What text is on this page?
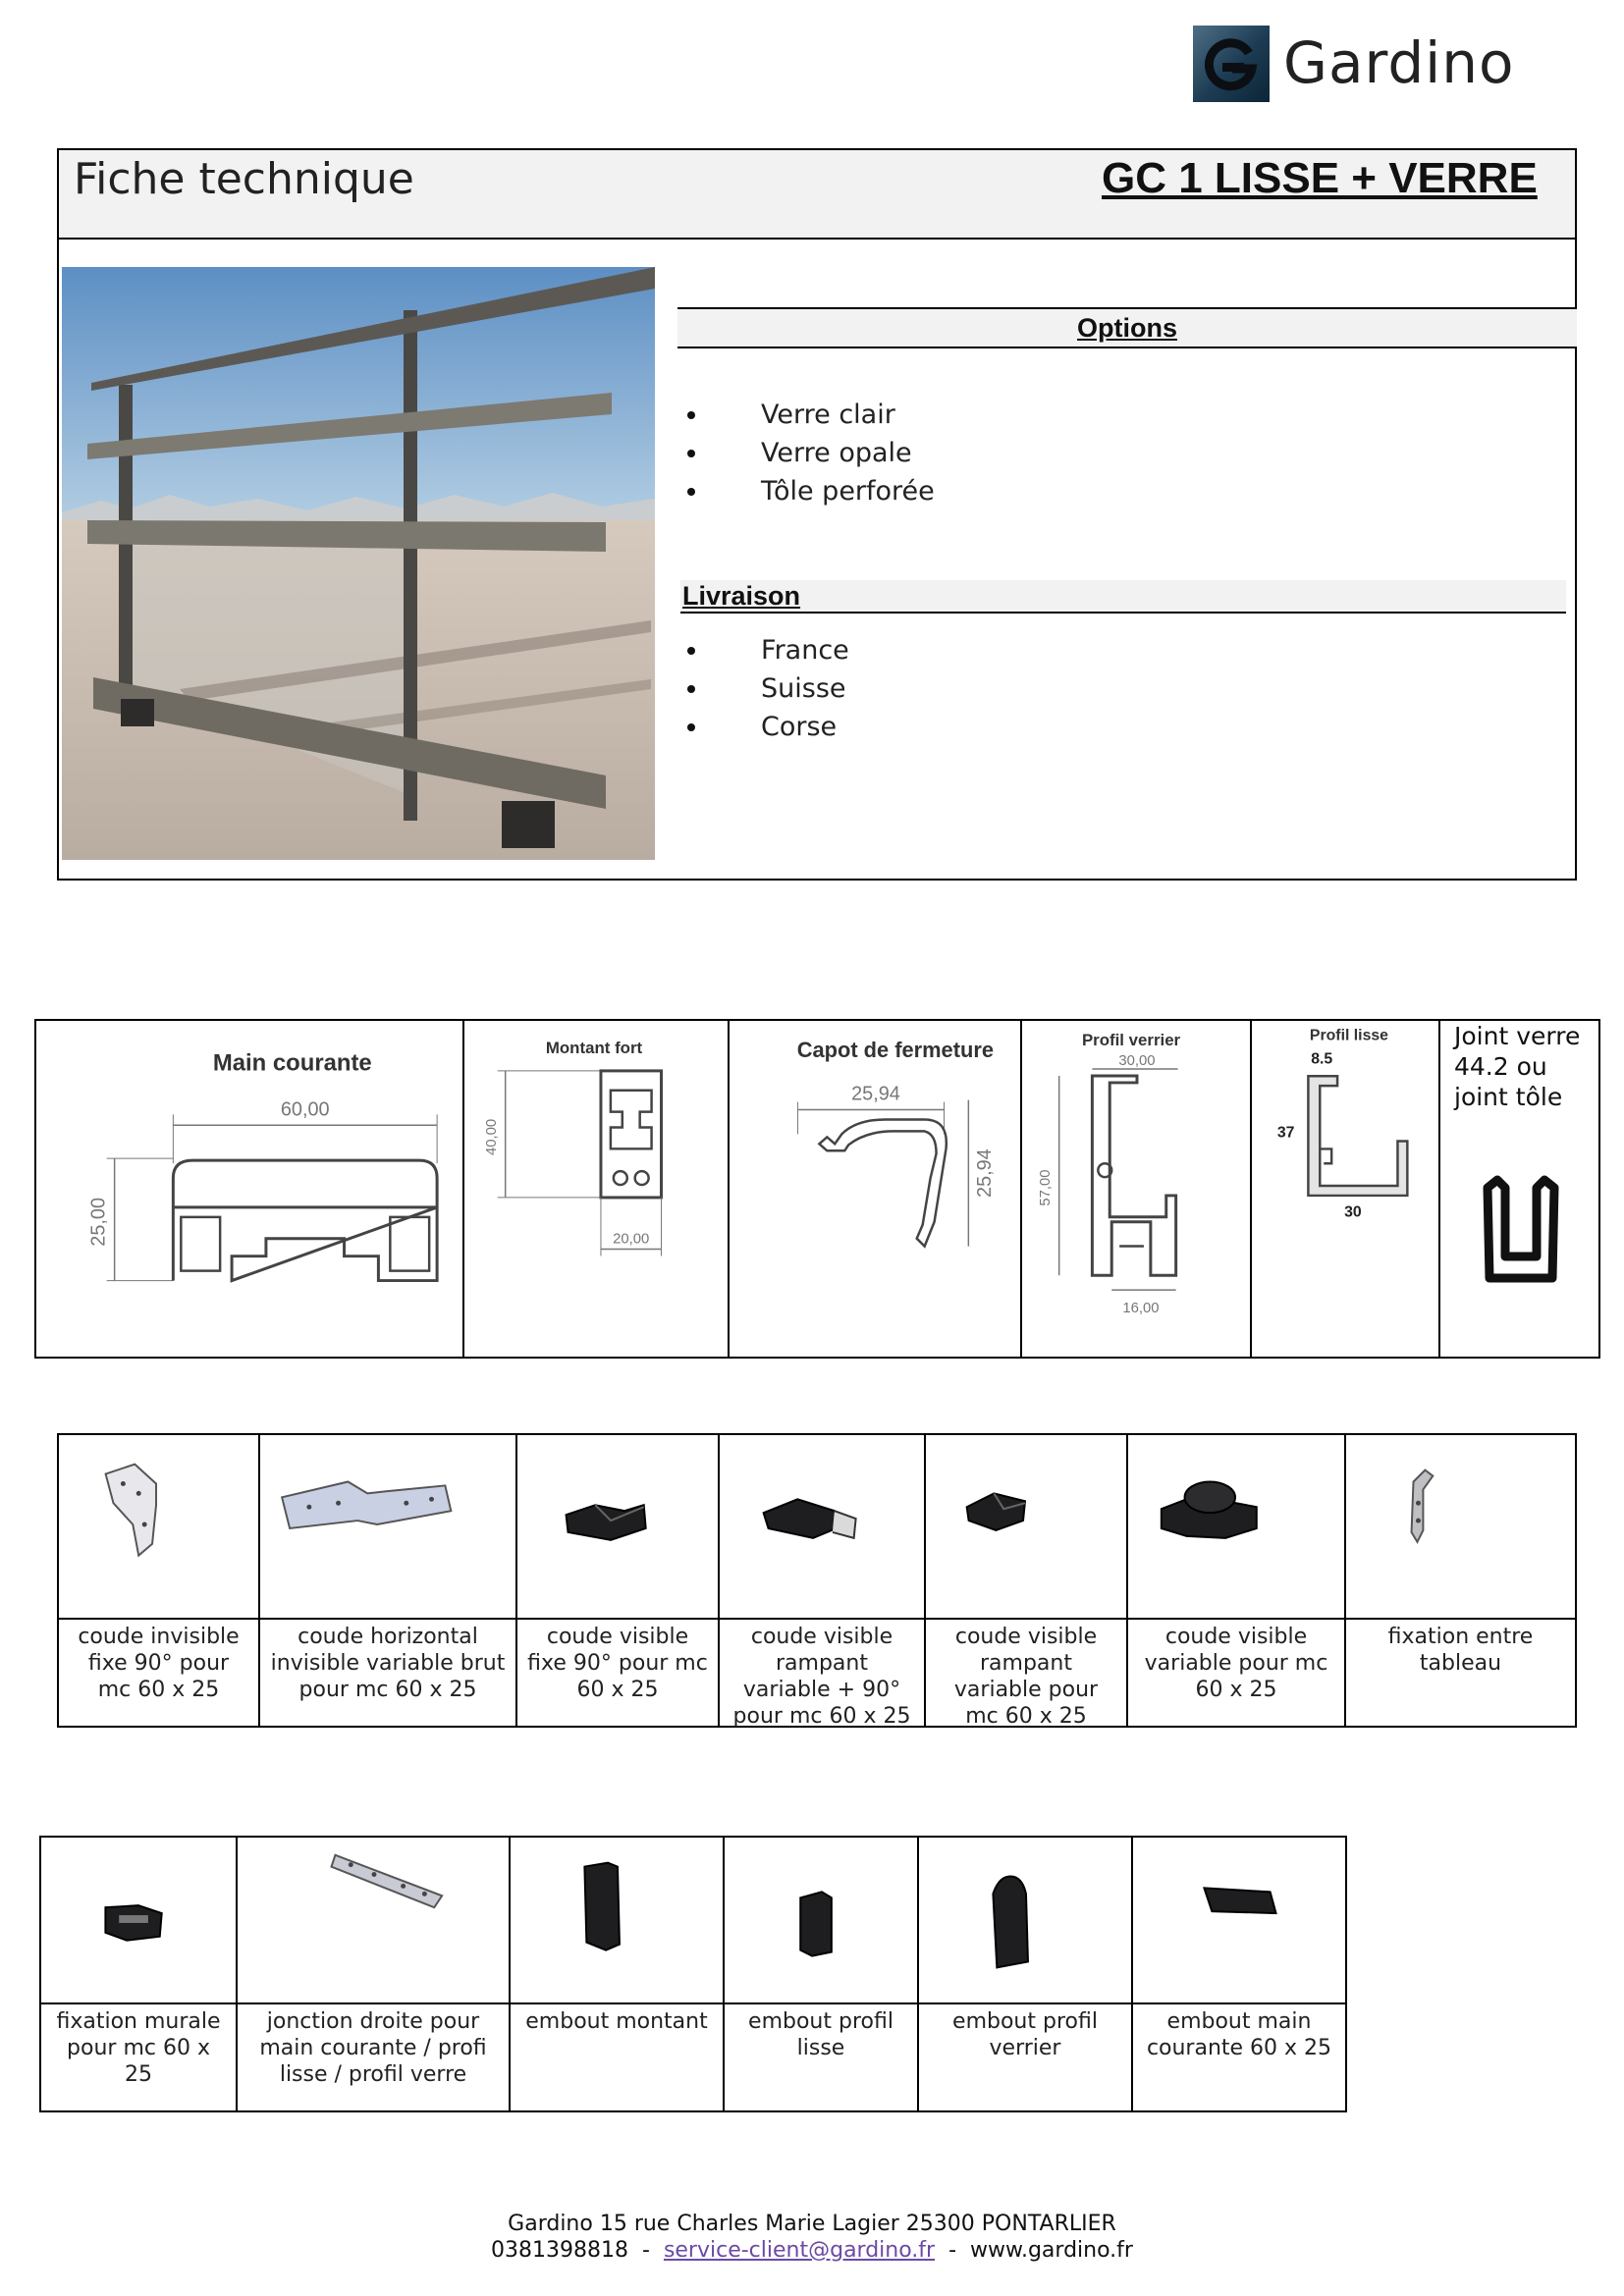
Gardino
Fiche technique	GC 1 LISSE + VERRE
Options
Verre clair
Verre opale
Tôle perforée
Livraison
France
Suisse
Corse
Main courante
60,00
25,00
Montant fort
40,00
20,00
Capot de fermeture
25,94
25,94
Profil verrier
30,00
57,00
16,00
Profil lisse
8.5
37
30
Joint verre
44.2 ou
joint tôle
coude invisible
fixe 90° pour
mc 60 x 25
coude horizontal
invisible variable brut
pour mc 60 x 25
coude visible
fixe 90° pour mc
60 x 25
coude visible
rampant
variable + 90°
pour mc 60 x 25
coude visible
rampant
variable pour
mc 60 x 25
coude visible
variable pour mc
60 x 25
fixation entre
tableau
fixation murale
pour mc 60 x
25
jonction droite pour
main courante / profi
lisse / profil verre
embout montant	embout profil
lisse
embout profil
verrier
embout main
courante 60 x 25
Gardino 15 rue Charles Marie Lagier 25300 PONTARLIER
0381398818  -  service-client@gardino.fr  -  www.gardino.fr
